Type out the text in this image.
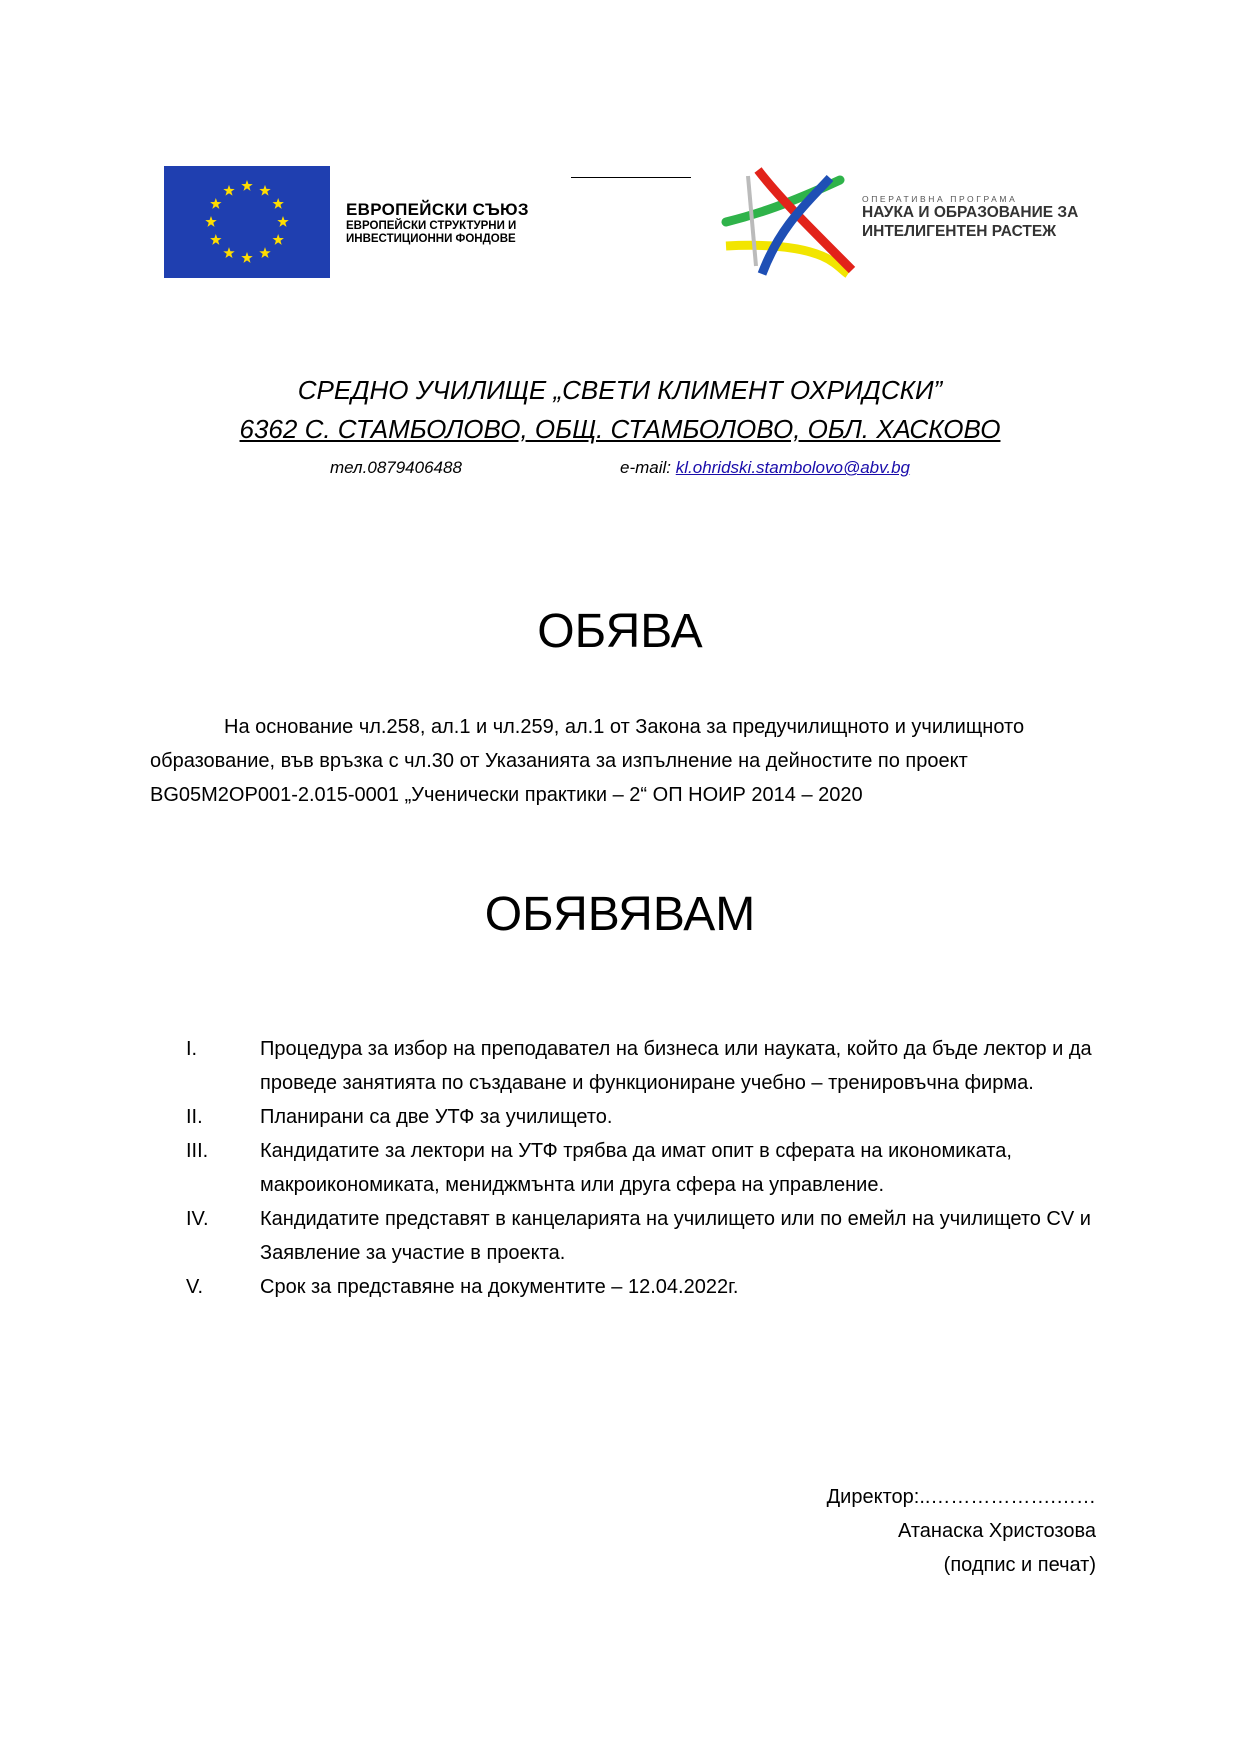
ЕВРОПЕЙСКИ СЪЮЗ
ЕВРОПЕЙСКИ СТРУКТУРНИ И
ИНВЕСТИЦИОННИ ФОНДОВЕ
ОПЕРАТИВНА ПРОГРАМА
НАУКА И ОБРАЗОВАНИЕ ЗА
ИНТЕЛИГЕНТЕН РАСТЕЖ
СРЕДНО УЧИЛИЩЕ „СВЕТИ КЛИМЕНТ ОХРИДСКИ”
6362 С. СТАМБОЛОВО, ОБЩ. СТАМБОЛОВО, ОБЛ. ХАСКОВО
тел.0879406488	e-mail: kl.ohridski.stambolovo@abv.bg
ОБЯВА
На основание чл.258, ал.1 и чл.259, ал.1 от Закона за предучилищното и училищното образование, във връзка с чл.30 от Указанията за изпълнение на дейностите по проект BG05M2OP001-2.015-0001 „Ученически практики – 2“ ОП НОИР 2014 – 2020
ОБЯВЯВАМ
I.	Процедура за избор на преподавател на бизнеса или науката, който да бъде лектор и да проведе занятията по създаване и функциониране учебно – тренировъчна фирма.
II.	Планирани са две УТФ за училището.
III.	Кандидатите за лектори на УТФ трябва да имат опит в сферата на икономиката, макроикономиката, мениджмънта или друга сфера на управление.
IV.	Кандидатите представят в канцеларията на училището или по емейл на училището CV и Заявление за участие в проекта.
V.	Срок за представяне на документите – 12.04.2022г.
Директор:..……………….……
Атанаска Христозова
(подпис и печат)
